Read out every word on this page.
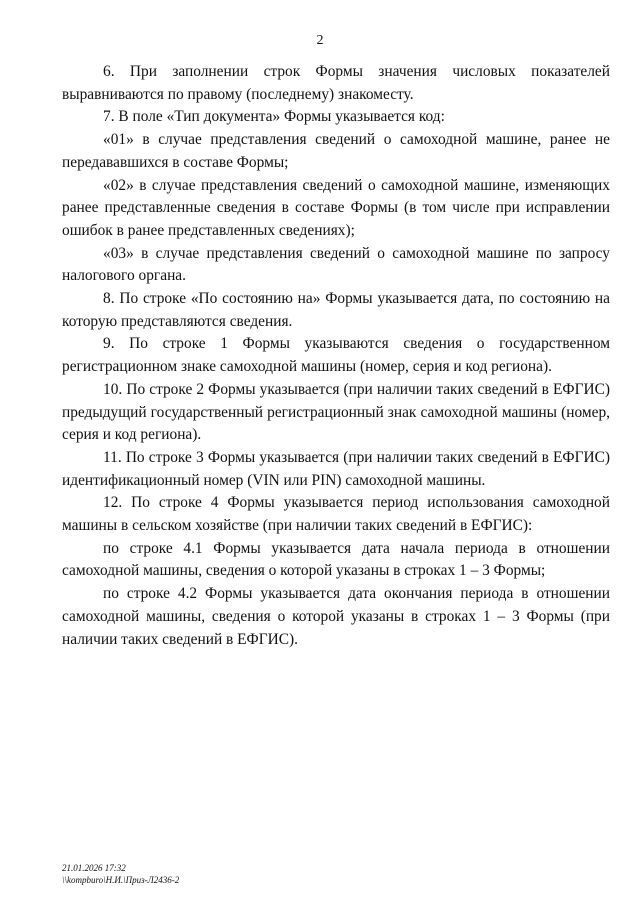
2

6. При заполнении строк Формы значения числовых показателей выравниваются по правому (последнему) знакоместу.

7. В поле «Тип документа» Формы указывается код:

«01» в случае представления сведений о самоходной машине, ранее не передававшихся в составе Формы;

«02» в случае представления сведений о самоходной машине, изменяющих ранее представленные сведения в составе Формы (в том числе при исправлении ошибок в ранее представленных сведениях);

«03» в случае представления сведений о самоходной машине по запросу налогового органа.

8. По строке «По состоянию на» Формы указывается дата, по состоянию на которую представляются сведения.

9. По строке 1 Формы указываются сведения о государственном регистрационном знаке самоходной машины (номер, серия и код региона).

10. По строке 2 Формы указывается (при наличии таких сведений в ЕФГИС) предыдущий государственный регистрационный знак самоходной машины (номер, серия и код региона).

11. По строке 3 Формы указывается (при наличии таких сведений в ЕФГИС) идентификационный номер (VIN или PIN) самоходной машины.

12. По строке 4 Формы указывается период использования самоходной машины в сельском хозяйстве (при наличии таких сведений в ЕФГИС):

по строке 4.1 Формы указывается дата начала периода в отношении самоходной машины, сведения о которой указаны в строках 1 – 3 Формы;

по строке 4.2 Формы указывается дата окончания периода в отношении самоходной машины, сведения о которой указаны в строках 1 – 3 Формы (при наличии таких сведений в ЕФГИС).

21.01.2026 17:32
\\kompburo\Н.И.\Приз-Л2436-2
